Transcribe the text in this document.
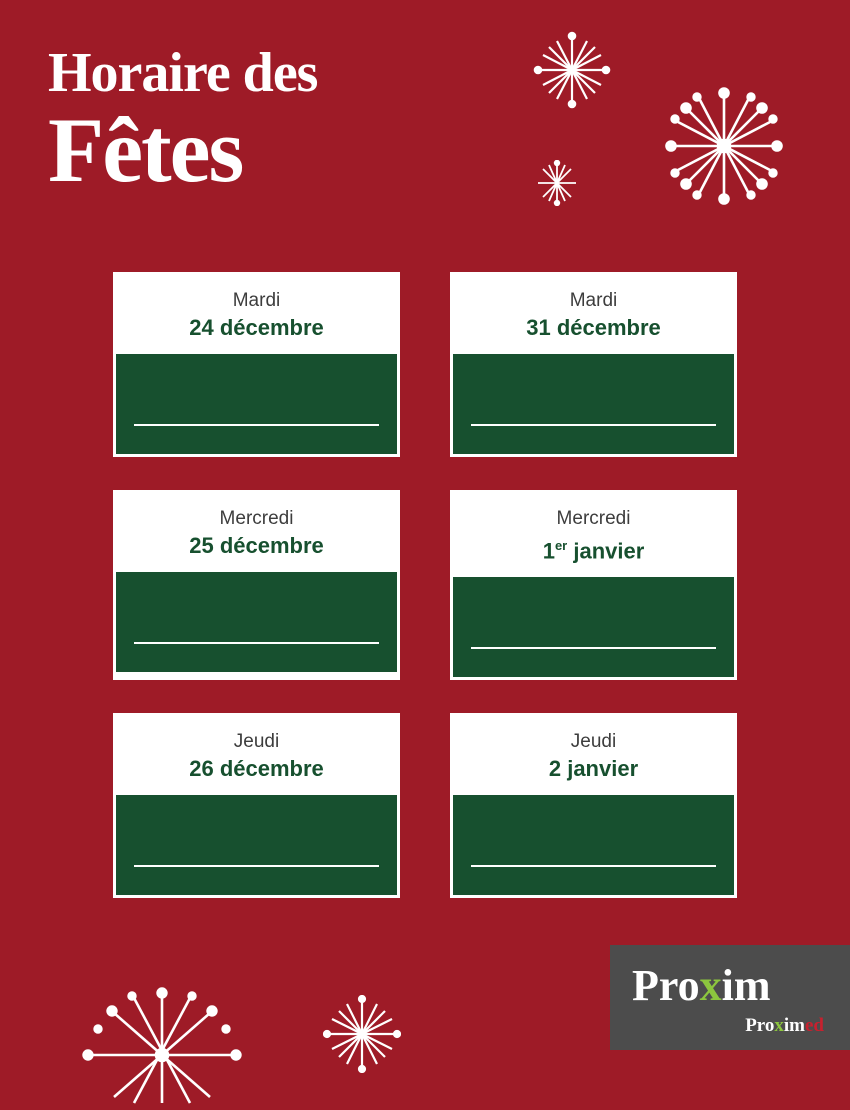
Horaire des
Fêtes
Mardi
24 décembre
Mardi
31 décembre
Mercredi
25 décembre
Mercredi
1er janvier
Jeudi
26 décembre
Jeudi
2 janvier
Proxim
Proximed
